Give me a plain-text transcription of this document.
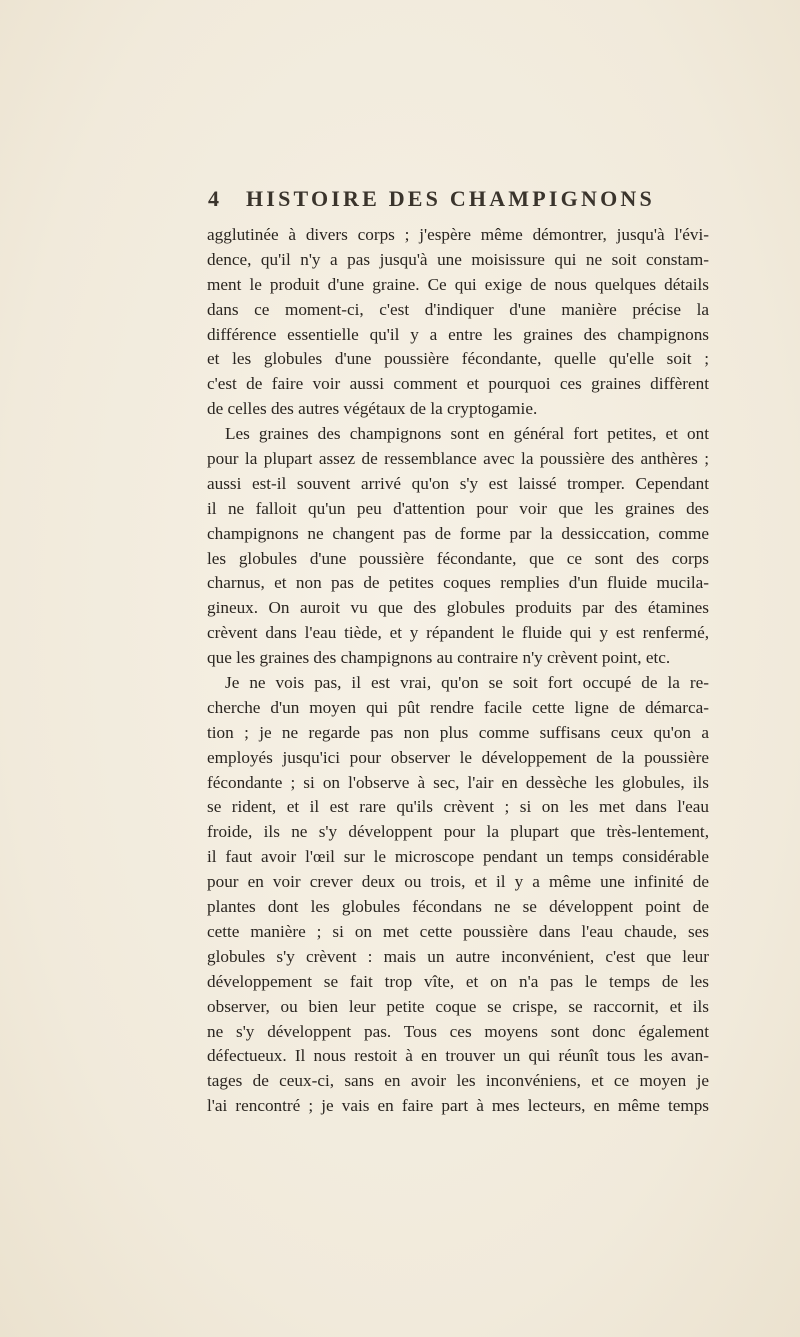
4 HISTOIRE DES CHAMPIGNONS
agglutinée à divers corps ; j'espère même démontrer, jusqu'à l'évi-
dence, qu'il n'y a pas jusqu'à une moisissure qui ne soit constam-
ment le produit d'une graine. Ce qui exige de nous quelques détails
dans ce moment-ci, c'est d'indiquer d'une manière précise la
différence essentielle qu'il y a entre les graines des champignons
et les globules d'une poussière fécondante, quelle qu'elle soit ;
c'est de faire voir aussi comment et pourquoi ces graines diffèrent
de celles des autres végétaux de la cryptogamie.
Les graines des champignons sont en général fort petites, et ont
pour la plupart assez de ressemblance avec la poussière des anthères ;
aussi est-il souvent arrivé qu'on s'y est laissé tromper. Cependant
il ne falloit qu'un peu d'attention pour voir que les graines des
champignons ne changent pas de forme par la dessiccation, comme
les globules d'une poussière fécondante, que ce sont des corps
charnus, et non pas de petites coques remplies d'un fluide mucila-
gineux. On auroit vu que des globules produits par des étamines
crèvent dans l'eau tiède, et y répandent le fluide qui y est renfermé,
que les graines des champignons au contraire n'y crèvent point, etc.
Je ne vois pas, il est vrai, qu'on se soit fort occupé de la re-
cherche d'un moyen qui pût rendre facile cette ligne de démarca-
tion ; je ne regarde pas non plus comme suffisans ceux qu'on a
employés jusqu'ici pour observer le développement de la poussière
fécondante ; si on l'observe à sec, l'air en dessèche les globules, ils
se rident, et il est rare qu'ils crèvent ; si on les met dans l'eau
froide, ils ne s'y développent pour la plupart que très-lentement,
il faut avoir l'œil sur le microscope pendant un temps considérable
pour en voir crever deux ou trois, et il y a même une infinité de
plantes dont les globules fécondans ne se développent point de
cette manière ; si on met cette poussière dans l'eau chaude, ses
globules s'y crèvent : mais un autre inconvénient, c'est que leur
développement se fait trop vîte, et on n'a pas le temps de les
observer, ou bien leur petite coque se crispe, se raccornit, et ils
ne s'y développent pas. Tous ces moyens sont donc également
défectueux. Il nous restoit à en trouver un qui réunît tous les avan-
tages de ceux-ci, sans en avoir les inconvéniens, et ce moyen je
l'ai rencontré ; je vais en faire part à mes lecteurs, en même temps
